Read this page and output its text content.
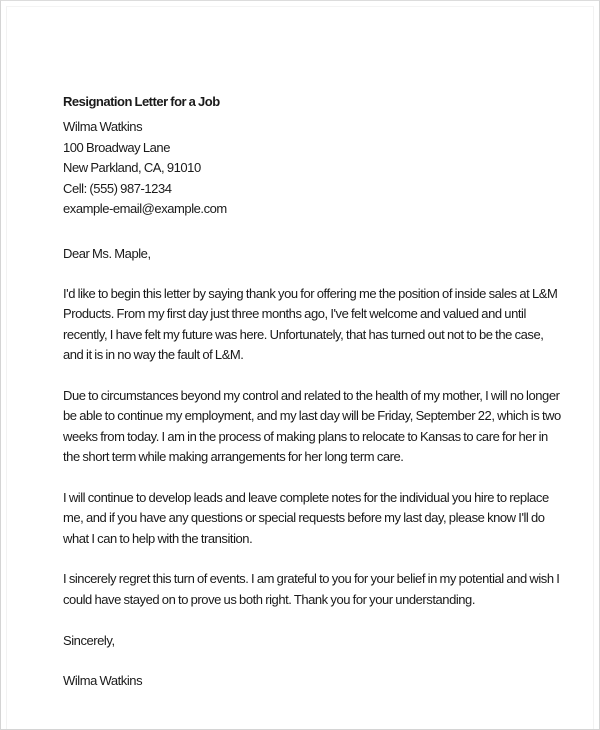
Resignation Letter for a Job

Wilma Watkins

100 Broadway Lane

New Parkland, CA, 91010

Cell: (555) 987-1234

example-email@example.com

Dear Ms. Maple,

I'd like to begin this letter by saying thank you for offering me the position of inside sales at L&M Products. From my first day just three months ago, I've felt welcome and valued and until recently, I have felt my future was here. Unfortunately, that has turned out not to be the case, and it is in no way the fault of L&M.

Due to circumstances beyond my control and related to the health of my mother, I will no longer be able to continue my employment, and my last day will be Friday, September 22, which is two weeks from today. I am in the process of making plans to relocate to Kansas to care for her in the short term while making arrangements for her long term care.

I will continue to develop leads and leave complete notes for the individual you hire to replace me, and if you have any questions or special requests before my last day, please know I'll do what I can to help with the transition.

I sincerely regret this turn of events. I am grateful to you for your belief in my potential and wish I could have stayed on to prove us both right. Thank you for your understanding.

Sincerely,

Wilma Watkins
